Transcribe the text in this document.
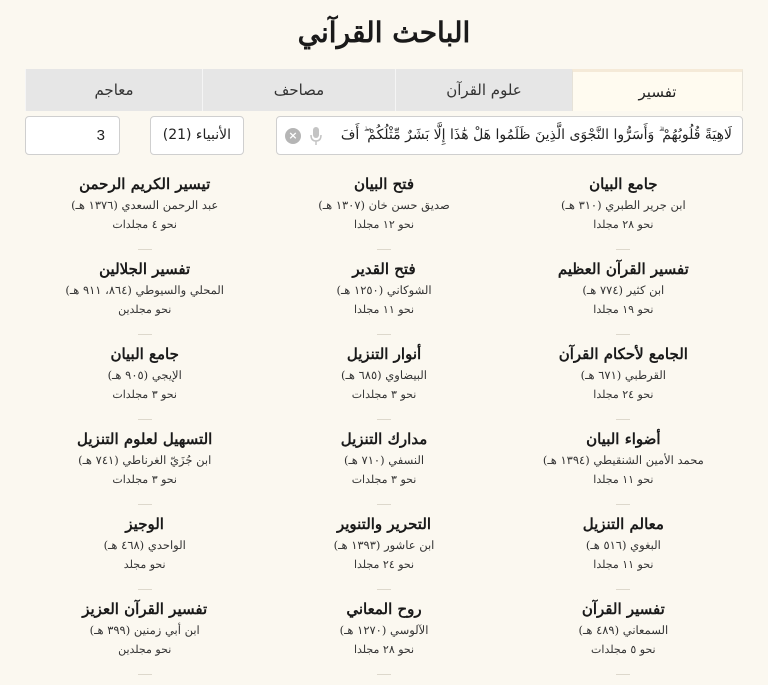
الباحث القرآني
تفسير
علوم القرآن
مصاحف
معاجم
3	الأنبياء (21)	لَاهِيَةً قُلُوبُهُمْ ۗ وَأَسَرُّوا النَّجْوَى الَّذِينَ ظَلَمُوا هَلْ هَٰذَا إِلَّا بَشَرٌ مِّثْلُكُمْ ۖ أَفَ
×
جامع البيان
ابن جرير الطبري (٣١٠ هـ)
نحو ٢٨ مجلدا
فتح البيان
صديق حسن خان (١٣٠٧ هـ)
نحو ١٢ مجلدا
تيسير الكريم الرحمن
عبد الرحمن السعدي (١٣٧٦ هـ)
نحو ٤ مجلدات
تفسير القرآن العظيم
ابن كثير (٧٧٤ هـ)
نحو ١٩ مجلدا
فتح القدير
الشوكاني (١٢٥٠ هـ)
نحو ١١ مجلدا
تفسير الجلالين
المحلي والسيوطي (٨٦٤، ٩١١ هـ)
نحو مجلدين
الجامع لأحكام القرآن
القرطبي (٦٧١ هـ)
نحو ٢٤ مجلدا
أنوار التنزيل
البيضاوي (٦٨٥ هـ)
نحو ٣ مجلدات
جامع البيان
الإيجي (٩٠٥ هـ)
نحو ٣ مجلدات
أضواء البيان
محمد الأمين الشنقيطي (١٣٩٤ هـ)
نحو ١١ مجلدا
مدارك التنزيل
النسفي (٧١٠ هـ)
نحو ٣ مجلدات
التسهيل لعلوم التنزيل
ابن جُزَيّ الغرناطي (٧٤١ هـ)
نحو ٣ مجلدات
معالم التنزيل
البغوي (٥١٦ هـ)
نحو ١١ مجلدا
التحرير والتنوير
ابن عاشور (١٣٩٣ هـ)
نحو ٢٤ مجلدا
الوجيز
الواحدي (٤٦٨ هـ)
نحو مجلد
تفسير القرآن
السمعاني (٤٨٩ هـ)
نحو ٥ مجلدات
روح المعاني
الآلوسي (١٢٧٠ هـ)
نحو ٢٨ مجلدا
تفسير القرآن العزيز
ابن أبي زمنين (٣٩٩ هـ)
نحو مجلدين
